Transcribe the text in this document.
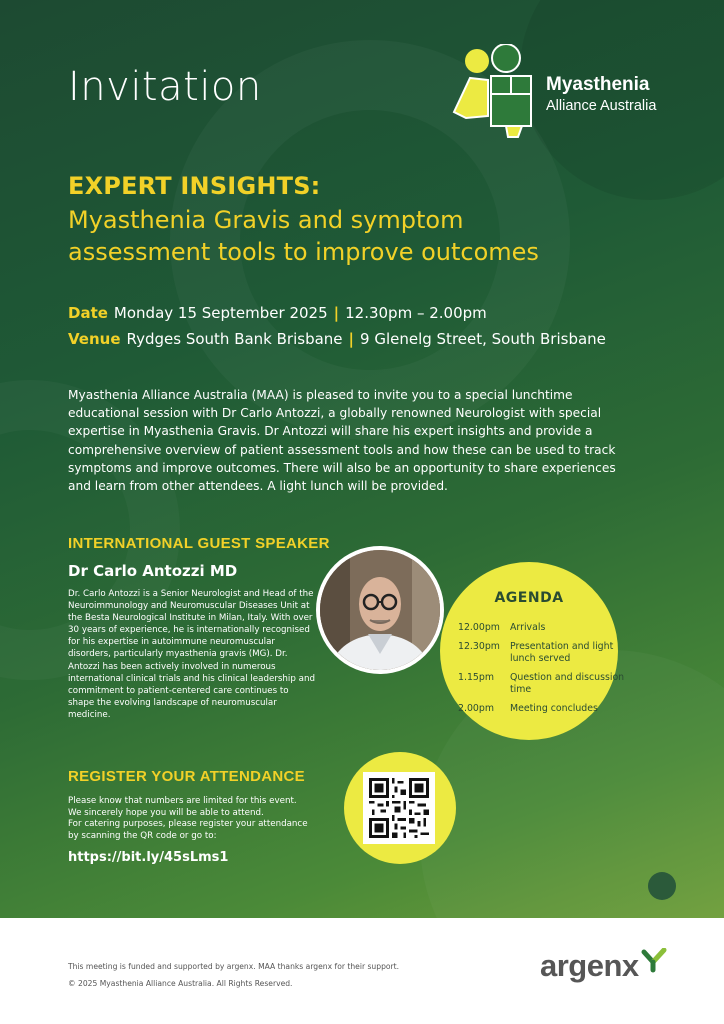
Invitation	Myasthenia
Alliance Australia
EXPERT INSIGHTS:
Myasthenia Gravis and symptom
assessment tools to improve outcomes
Date Monday 15 September 2025 | 12.30pm – 2.00pm
Venue Rydges South Bank Brisbane | 9 Glenelg Street, South Brisbane
Myasthenia Alliance Australia (MAA) is pleased to invite you to a special lunchtime educational session with Dr Carlo Antozzi, a globally renowned Neurologist with special expertise in Myasthenia Gravis. Dr Antozzi will share his expert insights and provide a comprehensive overview of patient assessment tools and how these can be used to track symptoms and improve outcomes. There will also be an opportunity to share experiences and learn from other attendees. A light lunch will be provided.
INTERNATIONAL GUEST SPEAKER
Dr Carlo Antozzi MD
Dr. Carlo Antozzi is a Senior Neurologist and Head of the Neuroimmunology and Neuromuscular Diseases Unit at the Besta Neurological Institute in Milan, Italy. With over 30 years of experience, he is internationally recognised for his expertise in autoimmune neuromuscular disorders, particularly myasthenia gravis (MG). Dr. Antozzi has been actively involved in numerous international clinical trials and his clinical leadership and commitment to patient-centered care continues to shape the evolving landscape of neuromuscular medicine.
AGENDA
12.00pm	Arrivals
12.30pm	Presentation and light lunch served
1.15pm	Question and discussion time
2.00pm	Meeting concludes
REGISTER YOUR ATTENDANCE
Please know that numbers are limited for this event.
We sincerely hope you will be able to attend.
For catering purposes, please register your attendance
by scanning the QR code or go to:
https://bit.ly/45sLms1
This meeting is funded and supported by argenx. MAA thanks argenx for their support.
© 2025 Myasthenia Alliance Australia. All Rights Reserved.
argenx
